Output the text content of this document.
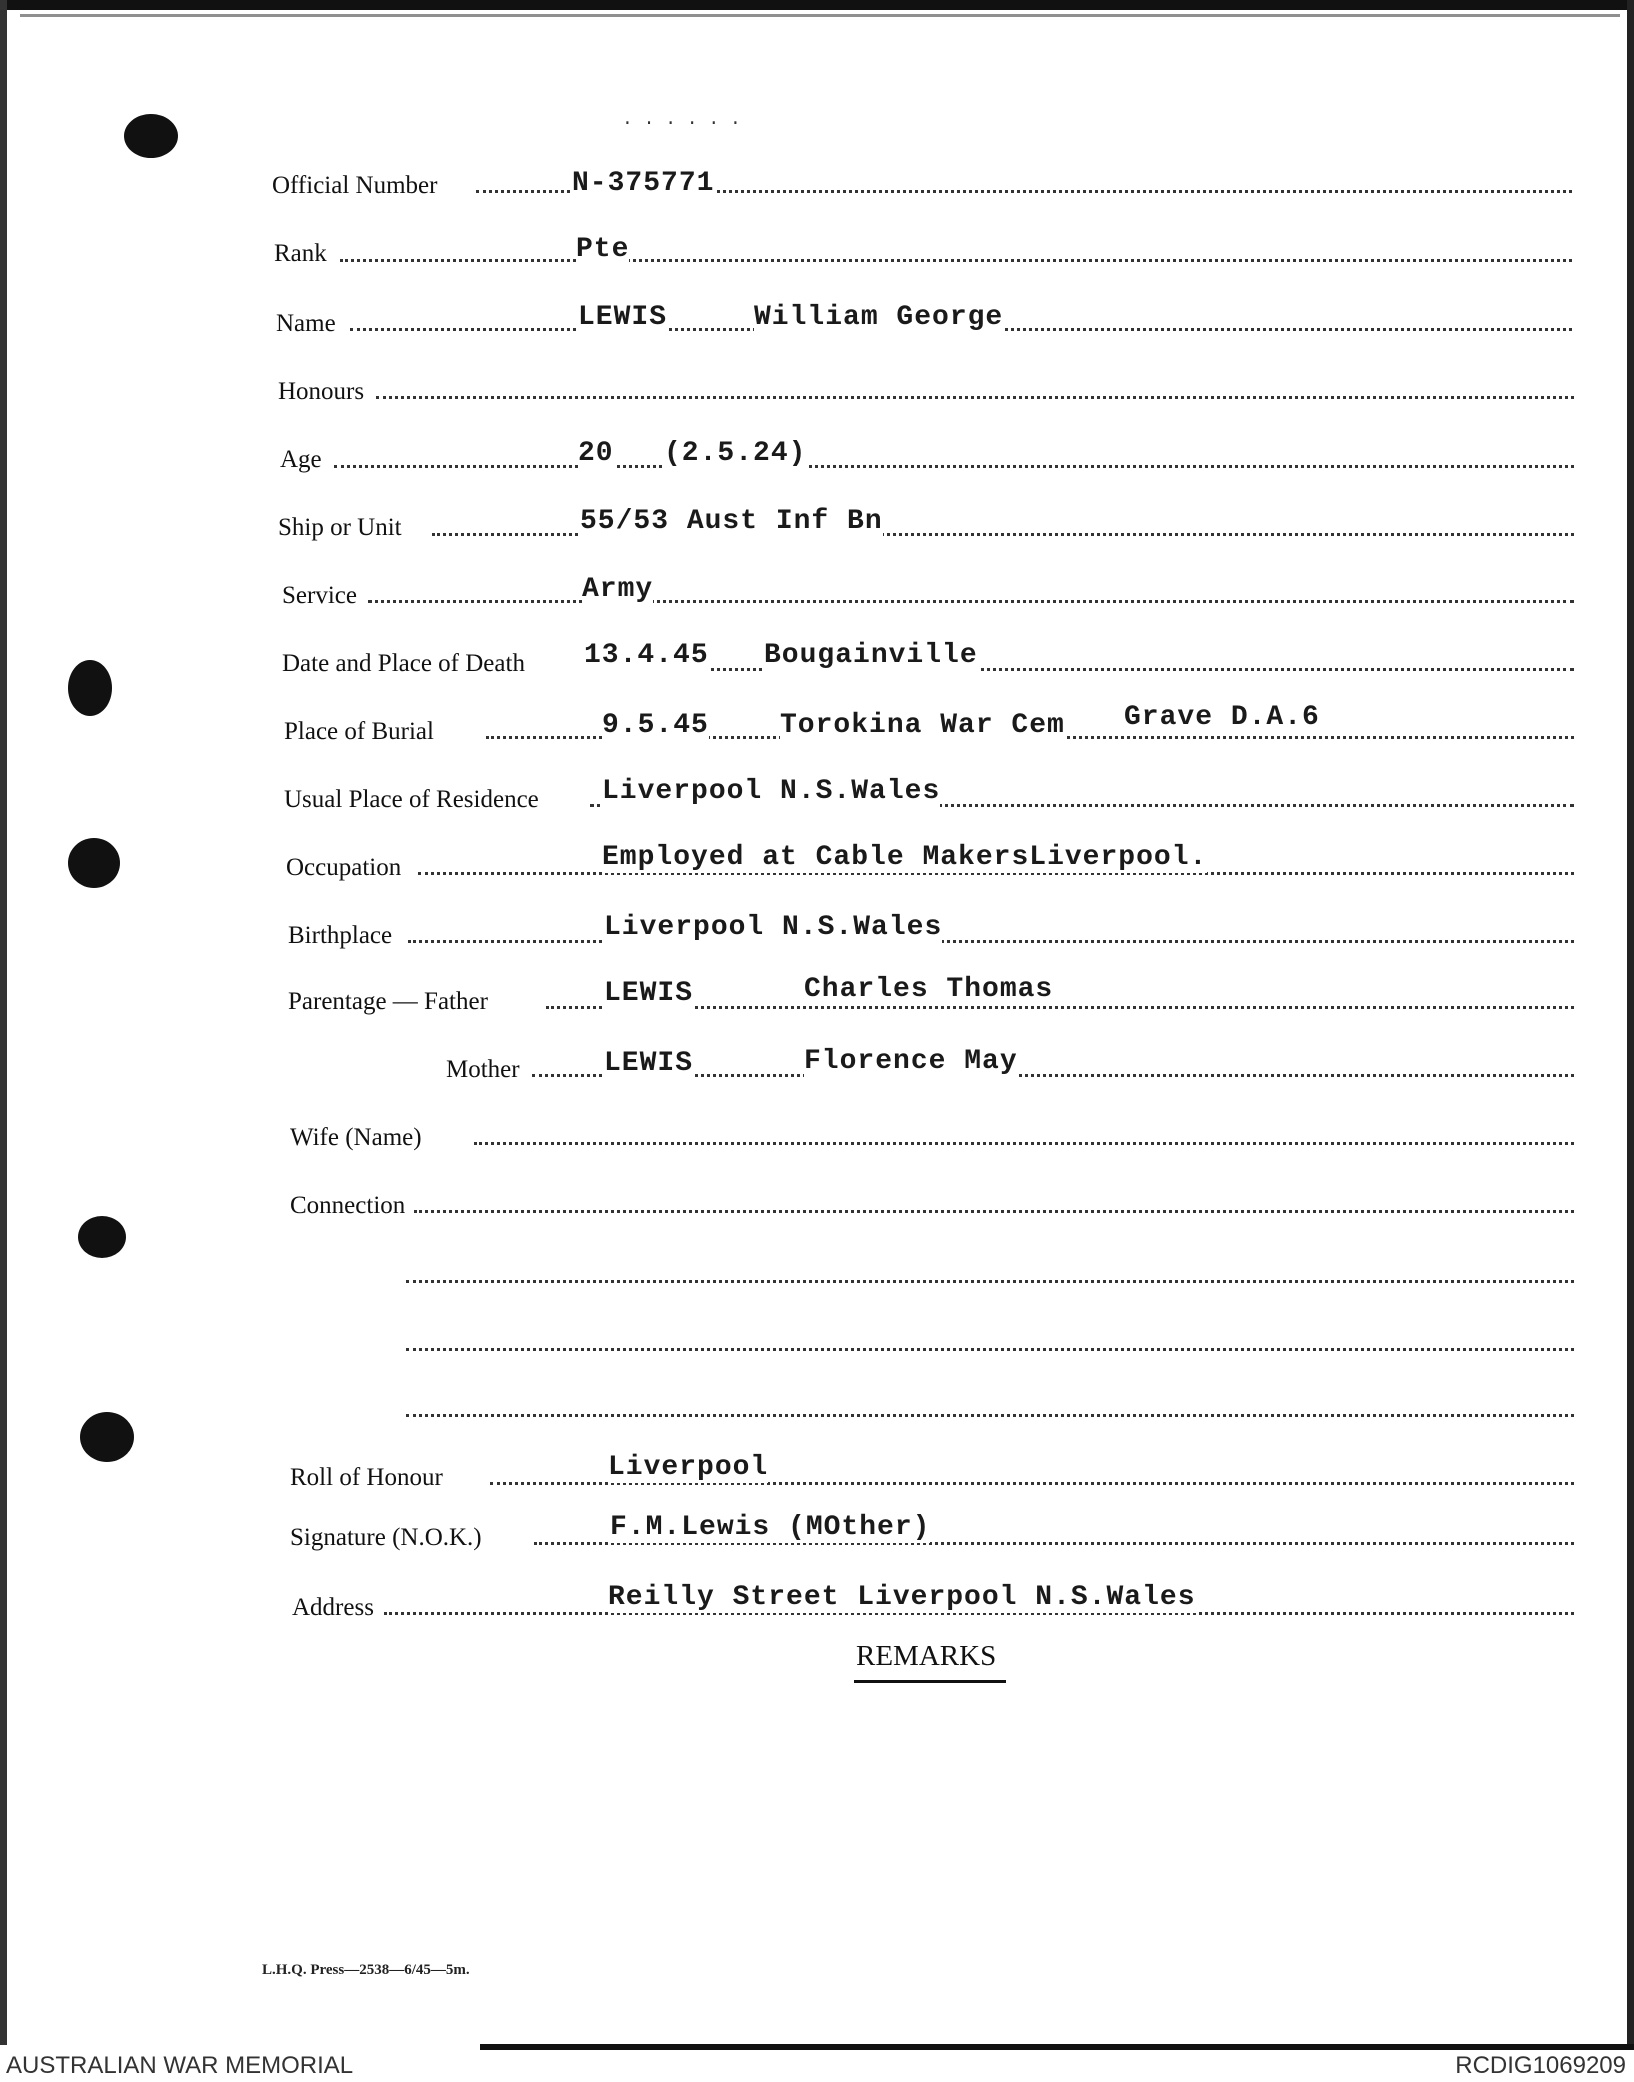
. . . . . .
Official Number	N-375771
Rank	Pte
Name	LEWIS	William George
Honours
Age	20 (2.5.24)
Ship or Unit	55/53 Aust Inf Bn
Service	Army
Date and Place of Death 13.4.45 Bougainville
Place of Burial	9.5.45	Torokina War Cem Grave D.A.6
Usual Place of Residence Liverpool N.S.Wales
Occupation	Employed at Cable MakersLiverpool.
Birthplace	Liverpool N.S.Wales
Parentage — Father	LEWIS	Charles Thomas
Mother	LEWIS	Florence May
Wife (Name)
Connection
Roll of Honour	Liverpool
Signature (N.O.K.)	F.M.Lewis (MOther)
Address	Reilly Street Liverpool N.S.Wales
REMARKS
L.H.Q. Press—2538—6/45—5m.
AUSTRALIAN WAR MEMORIAL	RCDIG1069209
